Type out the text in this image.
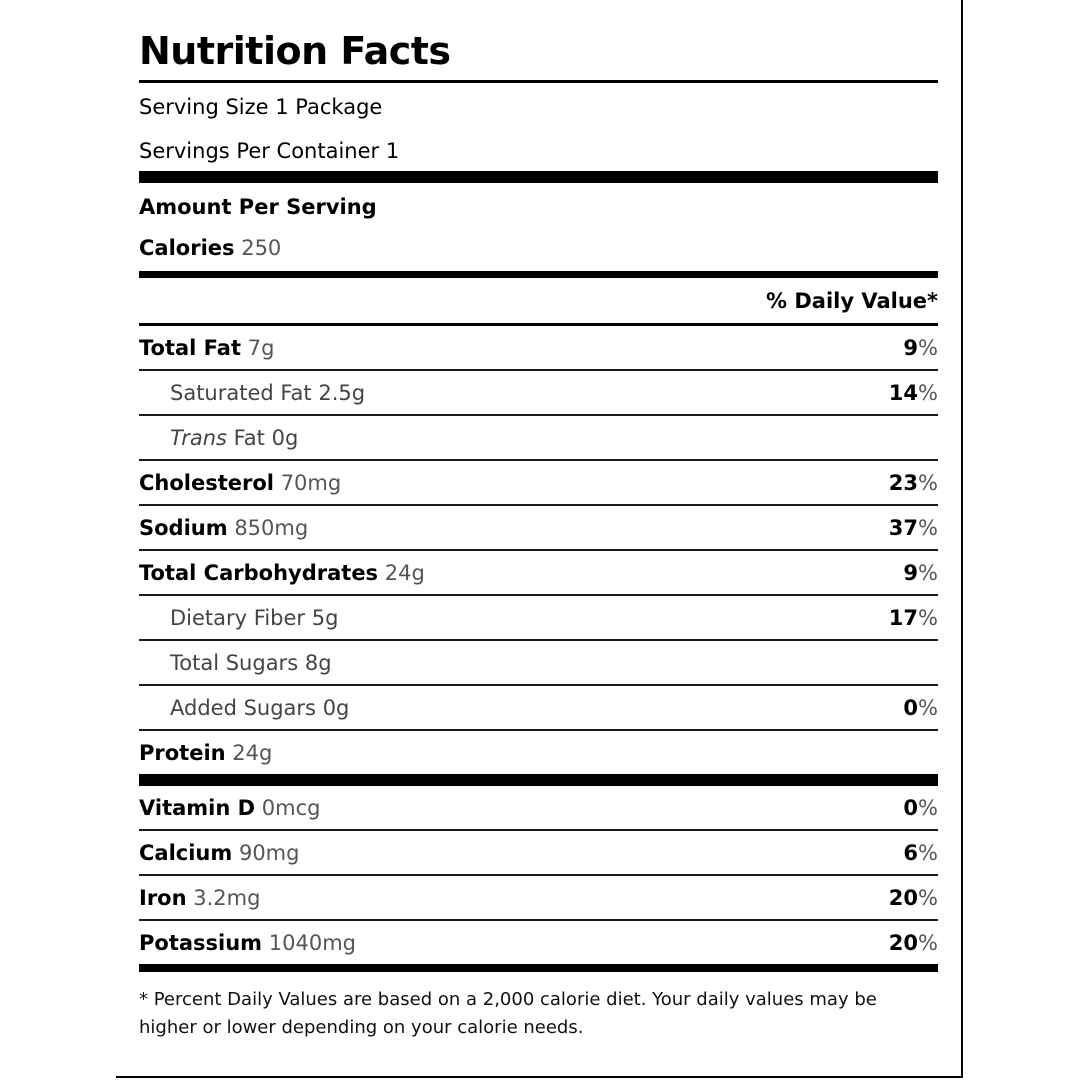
Nutrition Facts
Serving Size 1 Package
Servings Per Container 1
Amount Per Serving
Calories 250
% Daily Value*
Total Fat 7g	9%
Saturated Fat 2.5g	14%
Trans Fat 0g
Cholesterol 70mg	23%
Sodium 850mg	37%
Total Carbohydrates 24g	9%
Dietary Fiber 5g	17%
Total Sugars 8g
Added Sugars 0g	0%
Protein 24g
Vitamin D 0mcg	0%
Calcium 90mg	6%
Iron 3.2mg	20%
Potassium 1040mg	20%
* Percent Daily Values are based on a 2,000 calorie diet. Your daily values may be higher or lower depending on your calorie needs.
